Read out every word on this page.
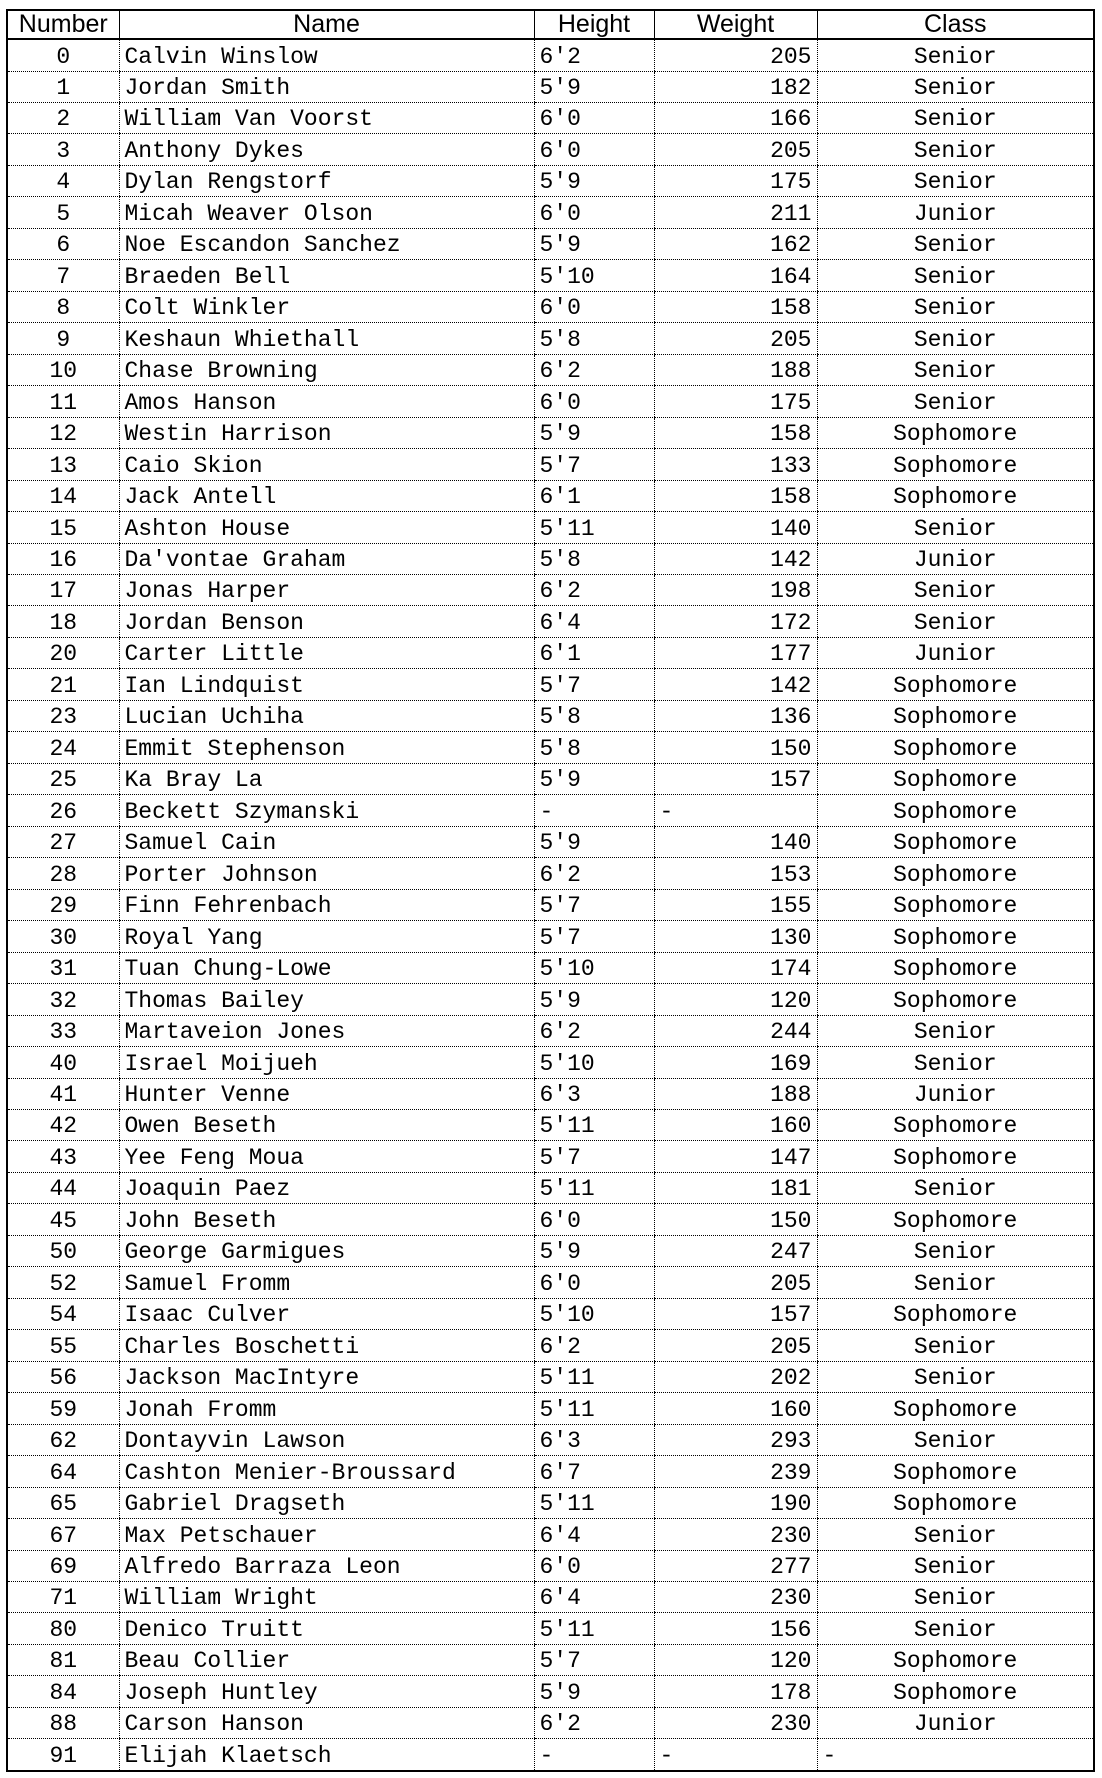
Number	Name	Height	Weight	Class
0	Calvin Winslow	6'2	205	Senior
1	Jordan Smith	5'9	182	Senior
2	William Van Voorst	6'0	166	Senior
3	Anthony Dykes	6'0	205	Senior
4	Dylan Rengstorf	5'9	175	Senior
5	Micah Weaver Olson	6'0	211	Junior
6	Noe Escandon Sanchez	5'9	162	Senior
7	Braeden Bell	5'10	164	Senior
8	Colt Winkler	6'0	158	Senior
9	Keshaun Whiethall	5'8	205	Senior
10	Chase Browning	6'2	188	Senior
11	Amos Hanson	6'0	175	Senior
12	Westin Harrison	5'9	158	Sophomore
13	Caio Skion	5'7	133	Sophomore
14	Jack Antell	6'1	158	Sophomore
15	Ashton House	5'11	140	Senior
16	Da'vontae Graham	5'8	142	Junior
17	Jonas Harper	6'2	198	Senior
18	Jordan Benson	6'4	172	Senior
20	Carter Little	6'1	177	Junior
21	Ian Lindquist	5'7	142	Sophomore
23	Lucian Uchiha	5'8	136	Sophomore
24	Emmit Stephenson	5'8	150	Sophomore
25	Ka Bray La	5'9	157	Sophomore
26	Beckett Szymanski	-	-	Sophomore
27	Samuel Cain	5'9	140	Sophomore
28	Porter Johnson	6'2	153	Sophomore
29	Finn Fehrenbach	5'7	155	Sophomore
30	Royal Yang	5'7	130	Sophomore
31	Tuan Chung-Lowe	5'10	174	Sophomore
32	Thomas Bailey	5'9	120	Sophomore
33	Martaveion Jones	6'2	244	Senior
40	Israel Moijueh	5'10	169	Senior
41	Hunter Venne	6'3	188	Junior
42	Owen Beseth	5'11	160	Sophomore
43	Yee Feng Moua	5'7	147	Sophomore
44	Joaquin Paez	5'11	181	Senior
45	John Beseth	6'0	150	Sophomore
50	George Garmigues	5'9	247	Senior
52	Samuel Fromm	6'0	205	Senior
54	Isaac Culver	5'10	157	Sophomore
55	Charles Boschetti	6'2	205	Senior
56	Jackson MacIntyre	5'11	202	Senior
59	Jonah Fromm	5'11	160	Sophomore
62	Dontayvin Lawson	6'3	293	Senior
64	Cashton Menier-Broussard	6'7	239	Sophomore
65	Gabriel Dragseth	5'11	190	Sophomore
67	Max Petschauer	6'4	230	Senior
69	Alfredo Barraza Leon	6'0	277	Senior
71	William Wright	6'4	230	Senior
80	Denico Truitt	5'11	156	Senior
81	Beau Collier	5'7	120	Sophomore
84	Joseph Huntley	5'9	178	Sophomore
88	Carson Hanson	6'2	230	Junior
91	Elijah Klaetsch	-	-	-
